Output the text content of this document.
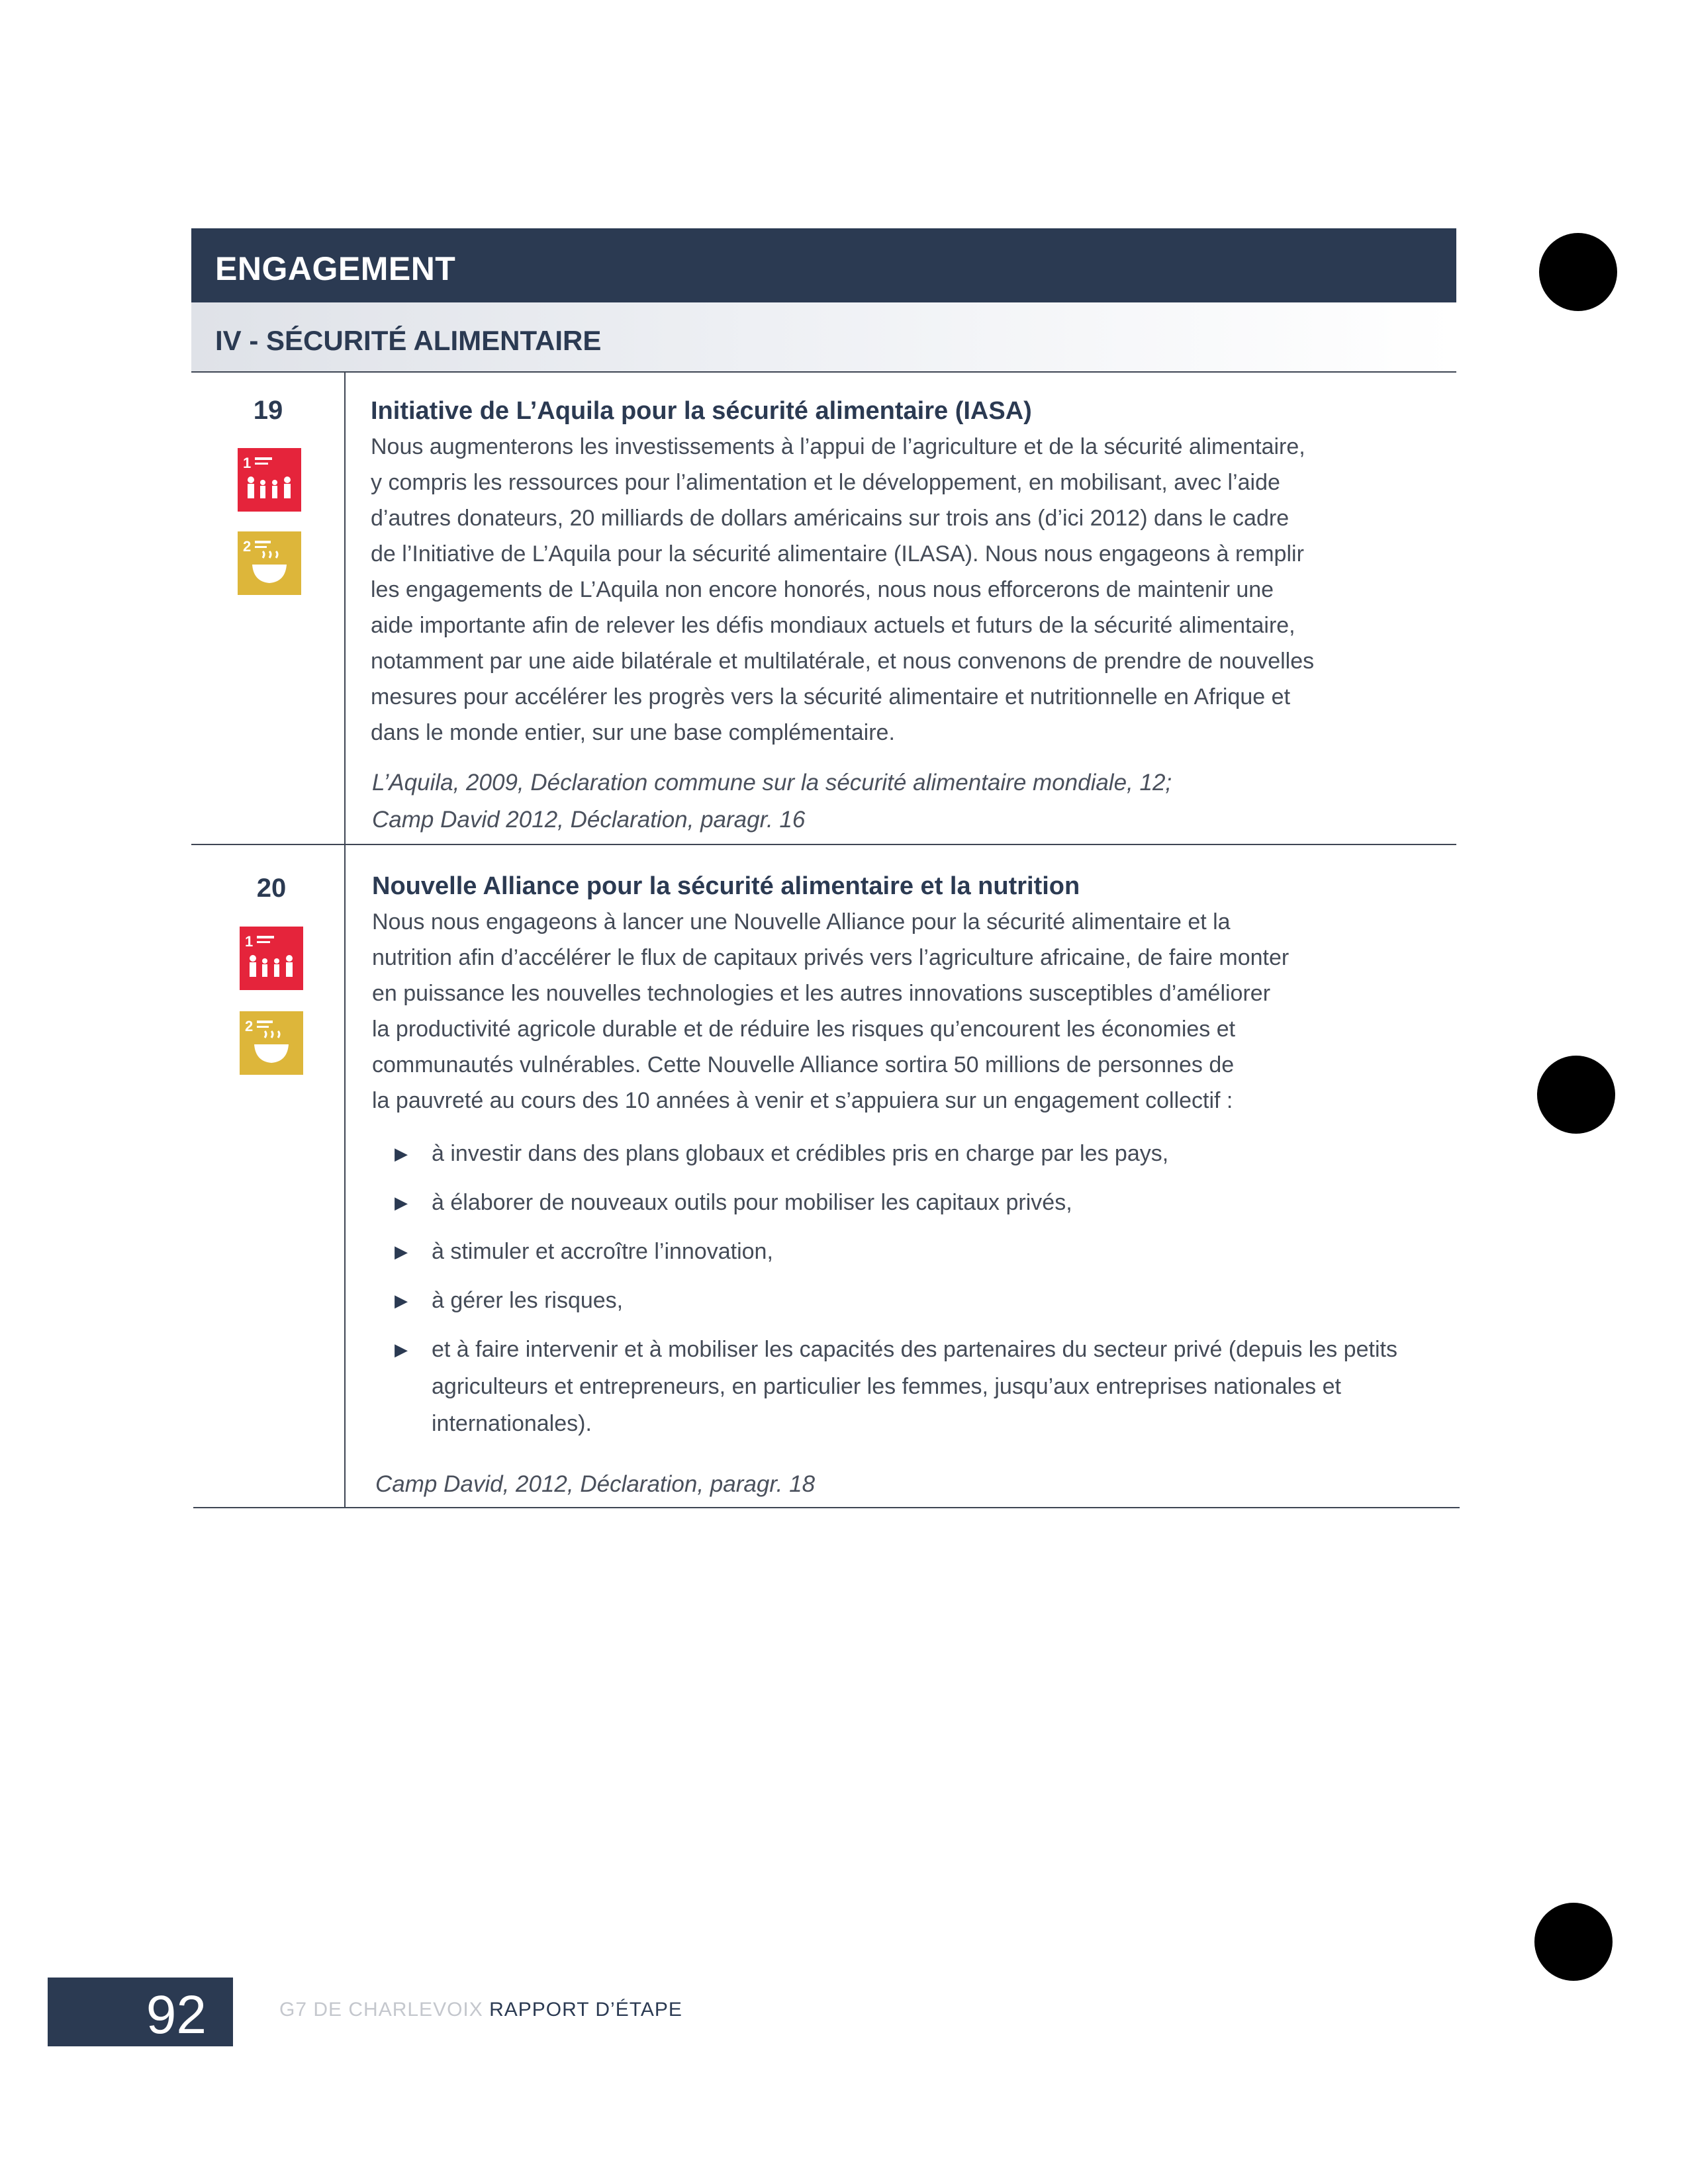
ENGAGEMENT
IV - SÉCURITÉ ALIMENTAIRE
19
1
2
Initiative de L’Aquila pour la sécurité alimentaire (IASA)

Nous augmenterons les investissements à l’appui de l’agriculture et de la sécurité alimentaire,

y compris les ressources pour l’alimentation et le développement, en mobilisant, avec l’aide

d’autres donateurs, 20 milliards de dollars américains sur trois ans (d’ici 2012) dans le cadre

de l’Initiative de L’Aquila pour la sécurité alimentaire (ILASA). Nous nous engageons à remplir

les engagements de L’Aquila non encore honorés, nous nous efforcerons de maintenir une

aide importante afin de relever les défis mondiaux actuels et futurs de la sécurité alimentaire,

notamment par une aide bilatérale et multilatérale, et nous convenons de prendre de nouvelles

mesures pour accélérer les progrès vers la sécurité alimentaire et nutritionnelle en Afrique et

dans le monde entier, sur une base complémentaire.

L’Aquila, 2009, Déclaration commune sur la sécurité alimentaire mondiale, 12;
Camp David 2012, Déclaration, paragr. 16
20
1
2
Nouvelle Alliance pour la sécurité alimentaire et la nutrition

Nous nous engageons à lancer une Nouvelle Alliance pour la sécurité alimentaire et la

nutrition afin d’accélérer le flux de capitaux privés vers l’agriculture africaine, de faire monter

en puissance les nouvelles technologies et les autres innovations susceptibles d’améliorer

la productivité agricole durable et de réduire les risques qu’encourent les économies et

communautés vulnérables. Cette Nouvelle Alliance sortira 50 millions de personnes de

la pauvreté au cours des 10 années à venir et s’appuiera sur un engagement collectif :

▶ à investir dans des plans globaux et crédibles pris en charge par les pays,
▶ à élaborer de nouveaux outils pour mobiliser les capitaux privés,
▶ à stimuler et accroître l’innovation,
▶ à gérer les risques,
▶ et à faire intervenir et à mobiliser les capacités des partenaires du secteur privé (depuis les petits agriculteurs et entrepreneurs, en particulier les femmes, jusqu’aux entreprises nationales et internationales).
Camp David, 2012, Déclaration, paragr. 18
92	G7 DE CHARLEVOIX RAPPORT D’ÉTAPE
